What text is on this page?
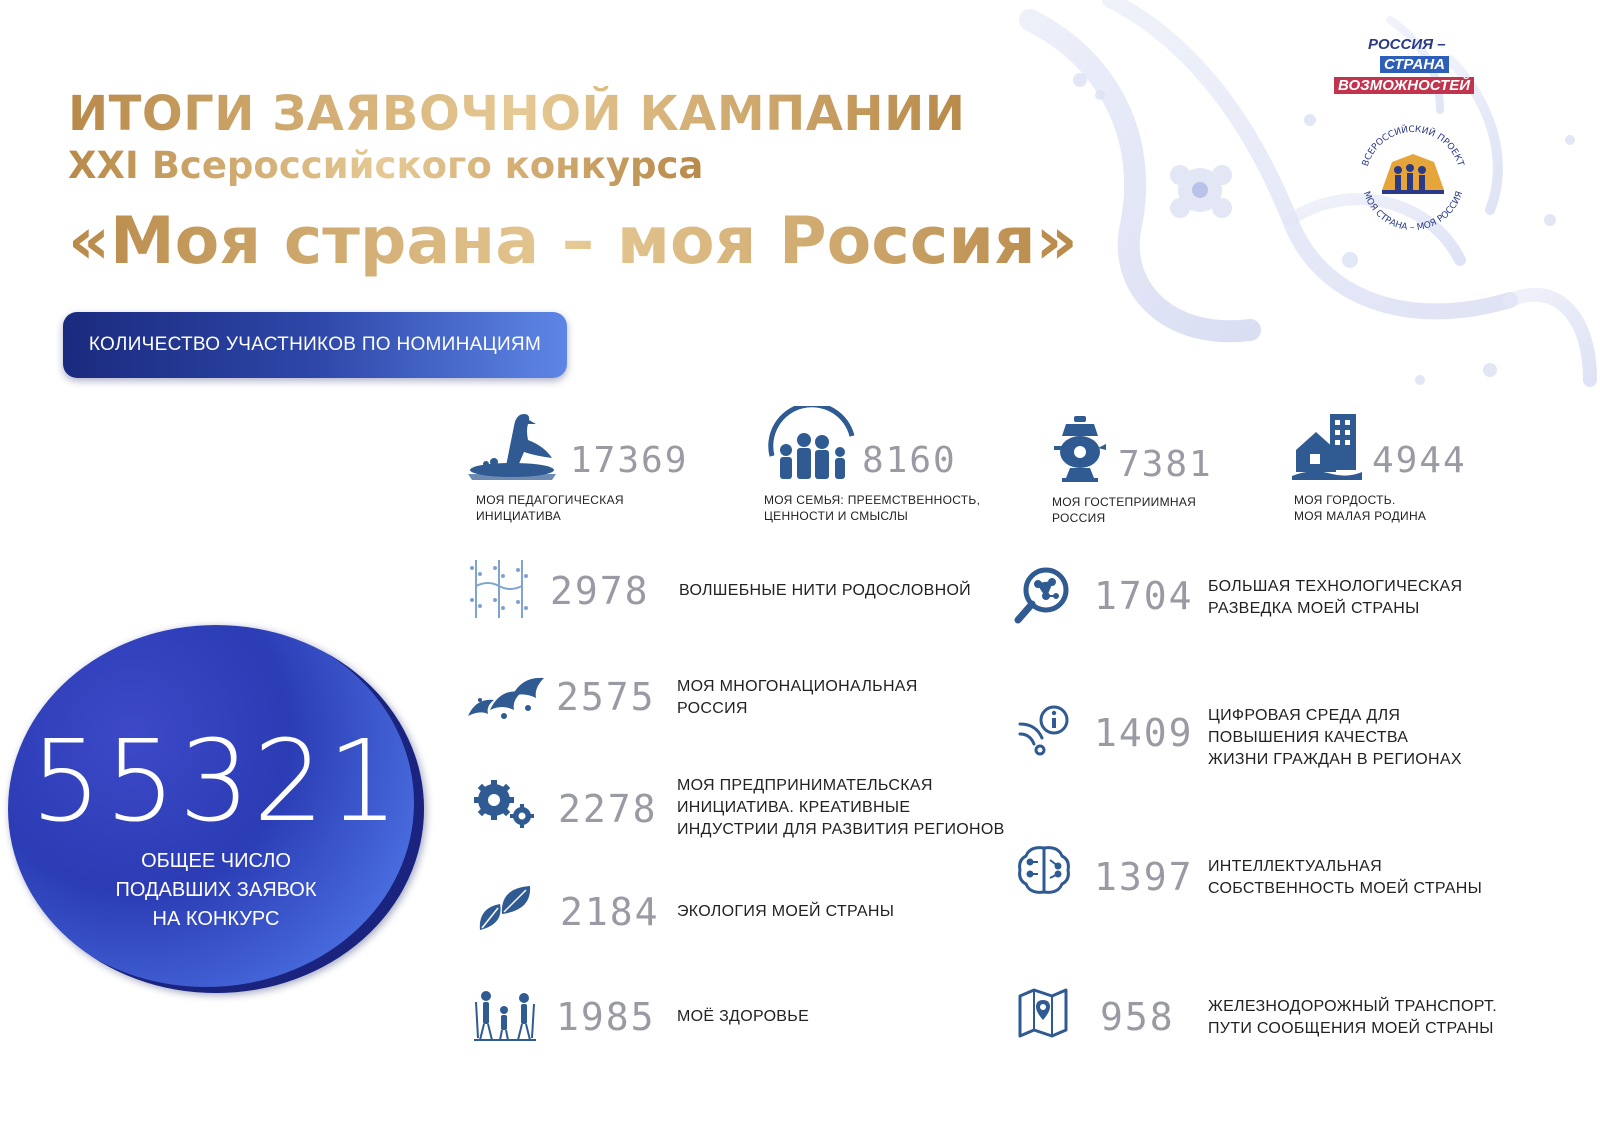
ИТОГИ ЗАЯВОЧНОЙ КАМПАНИИ
XXI Всероссийского конкурса
«Моя страна – моя Россия»
РОССИЯ –
СТРАНА
ВОЗМОЖНОСТЕЙ
ВСЕРОССИЙСКИЙ ПРОЕКТ
МОЯ СТРАНА – МОЯ РОССИЯ
КОЛИЧЕСТВО УЧАСТНИКОВ ПО НОМИНАЦИЯМ
55321
ОБЩЕЕ ЧИСЛО
ПОДАВШИХ ЗАЯВОК
НА КОНКУРС
17369
МОЯ ПЕДАГОГИЧЕСКАЯ
ИНИЦИАТИВА
8160
МОЯ СЕМЬЯ: ПРЕЕМСТВЕННОСТЬ,
ЦЕННОСТИ И СМЫСЛЫ
7381
МОЯ ГОСТЕПРИИМНАЯ
РОССИЯ
4944
МОЯ ГОРДОСТЬ.
МОЯ МАЛАЯ РОДИНА
2978 ВОЛШЕБНЫЕ НИТИ РОДОСЛОВНОЙ
2575 МОЯ МНОГОНАЦИОНАЛЬНАЯ
РОССИЯ
2278
МОЯ ПРЕДПРИНИМАТЕЛЬСКАЯ
ИНИЦИАТИВА. КРЕАТИВНЫЕ
ИНДУСТРИИ ДЛЯ РАЗВИТИЯ РЕГИОНОВ
2184 ЭКОЛОГИЯ МОЕЙ СТРАНЫ
1985 МОЁ ЗДОРОВЬЕ
1704 БОЛЬШАЯ ТЕХНОЛОГИЧЕСКАЯ
РАЗВЕДКА МОЕЙ СТРАНЫ
1409 ЦИФРОВАЯ СРЕДА ДЛЯ
ПОВЫШЕНИЯ КАЧЕСТВА
ЖИЗНИ ГРАЖДАН В РЕГИОНАХ
1397 ИНТЕЛЛЕКТУАЛЬНАЯ
СОБСТВЕННОСТЬ МОЕЙ СТРАНЫ
958 ЖЕЛЕЗНОДОРОЖНЫЙ ТРАНСПОРТ.
ПУТИ СООБЩЕНИЯ МОЕЙ СТРАНЫ
